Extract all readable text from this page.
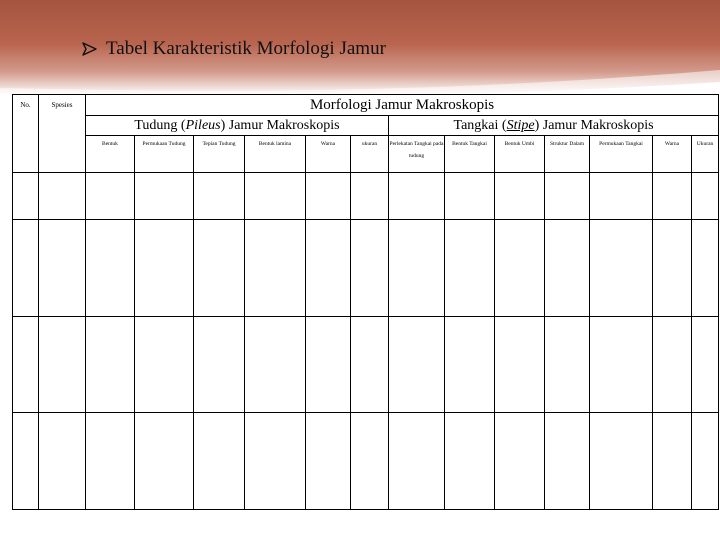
Tabel Karakteristik Morfologi Jamur
No.	Spesies	Morfologi Jamur Makroskopis												
		Tudung (Pileus) Jamur Makroskopis						Tangkai (Stipe) Jamur Makroskopis						
		Bentuk	Permukaan Tudung	Tepian Tudung	Bentuk lamina	Warna	ukuran	Perlekatan Tangkai pada tudung	Bentuk Tangkai	Bentuk Umbi	Struktur Dalam	Permukaan Tangkai	Warna	Ukuran
